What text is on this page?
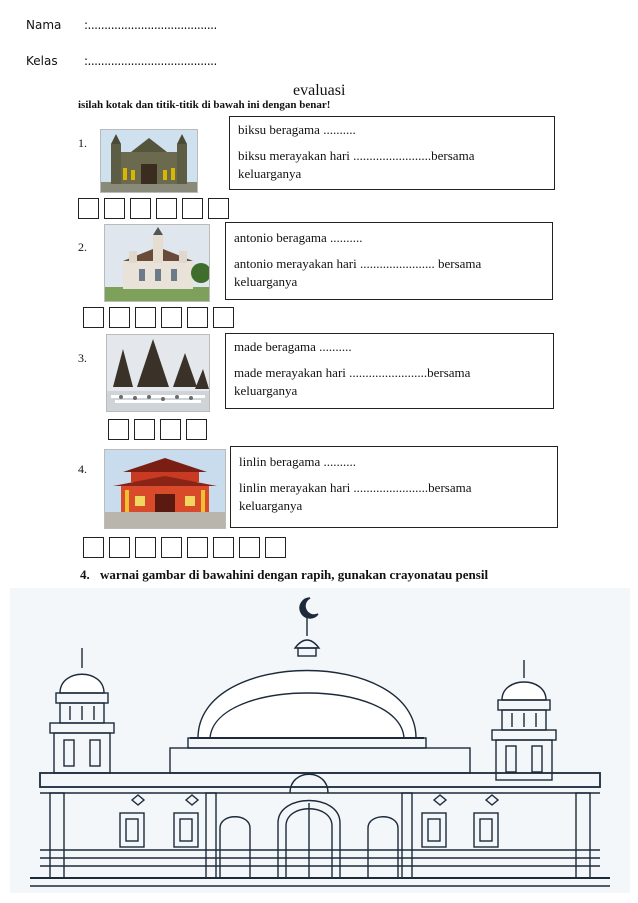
Nama :.......................................
Kelas :.......................................
evaluasi
isilah kotak dan titik-titik di bawah ini dengan benar!
1.
biksu beragama ..........
biksu merayakan hari ........................bersama
keluarganya
2.
antonio beragama ..........
antonio merayakan hari ....................... bersama
keluarganya
3.
made beragama ..........
made merayakan hari ........................bersama
keluarganya
4.	linlin beragama ..........
linlin merayakan hari .......................bersama
keluarganya
4. warnai gambar di bawahini dengan rapih, gunakan crayonatau pensil
